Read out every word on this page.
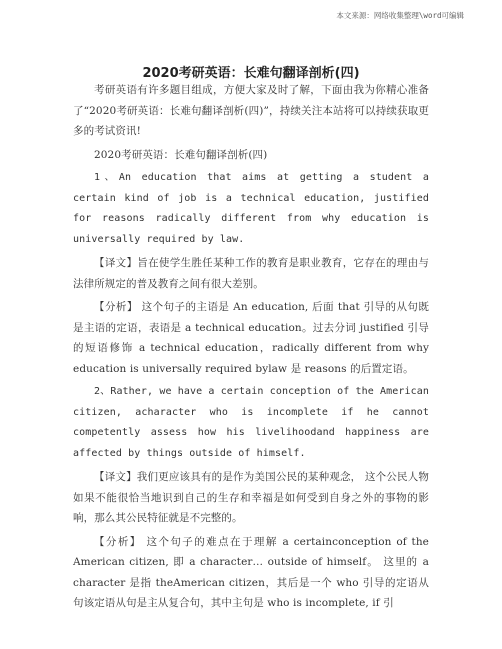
本文来源：网络收集整理\word可编辑
2020考研英语：长难句翻译剖析(四)

考研英语有许多题目组成，方便大家及时了解，下面由我为你精心准备了“2020考研英语：长难句翻译剖析(四)”，持续关注本站将可以持续获取更多的考试资讯!

2020考研英语：长难句翻译剖析(四)

1、An education that aims at getting a student a certain kind of job is a technical education, justified for reasons radically different from why education is universally required by law.

【译文】旨在使学生胜任某种工作的教育是职业教育，它存在的理由与法律所规定的普及教育之间有很大差别。

【分析】 这个句子的主语是 An education, 后面 that 引导的从句既是主语的定语，表语是 a technical education。过去分词 justified 引导的短语修饰 a technical education，radically different from why education is universally required bylaw 是 reasons 的后置定语。

2、Rather, we have a certain conception of the American citizen, acharacter who is incomplete if he cannot competently assess how his livelihoodand happiness are affected by things outside of himself.

【译文】我们更应该具有的是作为美国公民的某种观念， 这个公民人物如果不能很恰当地识到自己的生存和幸福是如何受到自身之外的事物的影响，那么其公民特征就是不完整的。

【分析】 这个句子的难点在于理解 a certainconception of the American citizen, 即 a character… outside of himself。 这里的 a character 是指 theAmerican citizen，其后是一个 who 引导的定语从句该定语从句是主从复合句，其中主句是 who is incomplete, if 引
